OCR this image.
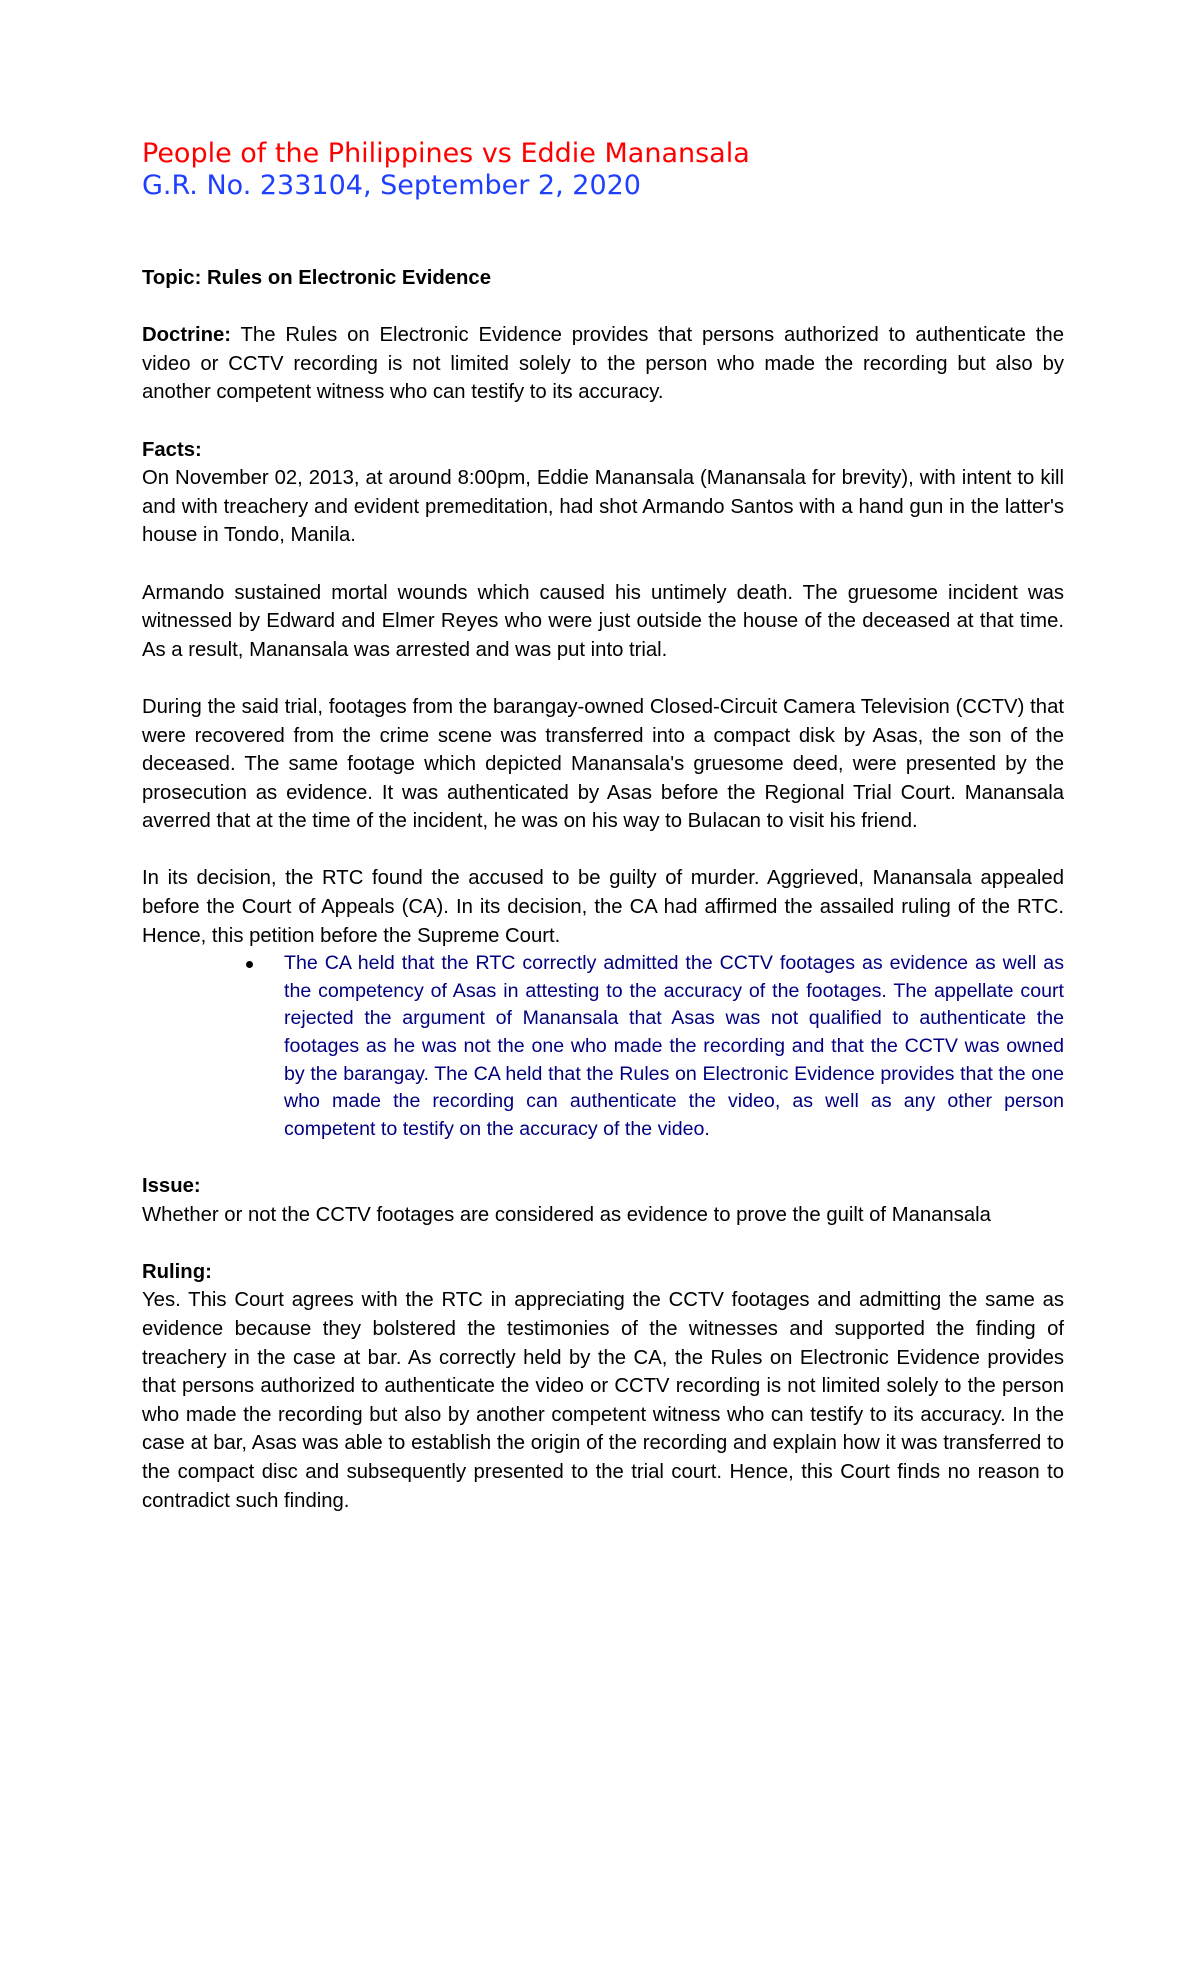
People of the Philippines vs Eddie Manansala

G.R. No. 233104, September 2, 2020

Topic: Rules on Electronic Evidence

Doctrine: The Rules on Electronic Evidence provides that persons authorized to authenticate the video or CCTV recording is not limited solely to the person who made the recording but also by another competent witness who can testify to its accuracy.

Facts:

On November 02, 2013, at around 8:00pm, Eddie Manansala (Manansala for brevity), with intent to kill and with treachery and evident premeditation, had shot Armando Santos with a hand gun in the latter's house in Tondo, Manila.

Armando sustained mortal wounds which caused his untimely death. The gruesome incident was witnessed by Edward and Elmer Reyes who were just outside the house of the deceased at that time. As a result, Manansala was arrested and was put into trial.

During the said trial, footages from the barangay-owned Closed-Circuit Camera Television (CCTV) that were recovered from the crime scene was transferred into a compact disk by Asas, the son of the deceased. The same footage which depicted Manansala's gruesome deed, were presented by the prosecution as evidence. It was authenticated by Asas before the Regional Trial Court. Manansala averred that at the time of the incident, he was on his way to Bulacan to visit his friend.

In its decision, the RTC found the accused to be guilty of murder. Aggrieved, Manansala appealed before the Court of Appeals (CA). In its decision, the CA had affirmed the assailed ruling of the RTC. Hence, this petition before the Supreme Court.

The CA held that the RTC correctly admitted the CCTV footages as evidence as well as the competency of Asas in attesting to the accuracy of the footages. The appellate court rejected the argument of Manansala that Asas was not qualified to authenticate the footages as he was not the one who made the recording and that the CCTV was owned by the barangay. The CA held that the Rules on Electronic Evidence provides that the one who made the recording can authenticate the video, as well as any other person competent to testify on the accuracy of the video.

Issue:

Whether or not the CCTV footages are considered as evidence to prove the guilt of Manansala

Ruling:

Yes. This Court agrees with the RTC in appreciating the CCTV footages and admitting the same as evidence because they bolstered the testimonies of the witnesses and supported the finding of treachery in the case at bar. As correctly held by the CA, the Rules on Electronic Evidence provides that persons authorized to authenticate the video or CCTV recording is not limited solely to the person who made the recording but also by another competent witness who can testify to its accuracy. In the case at bar, Asas was able to establish the origin of the recording and explain how it was transferred to the compact disc and subsequently presented to the trial court. Hence, this Court finds no reason to contradict such finding.
